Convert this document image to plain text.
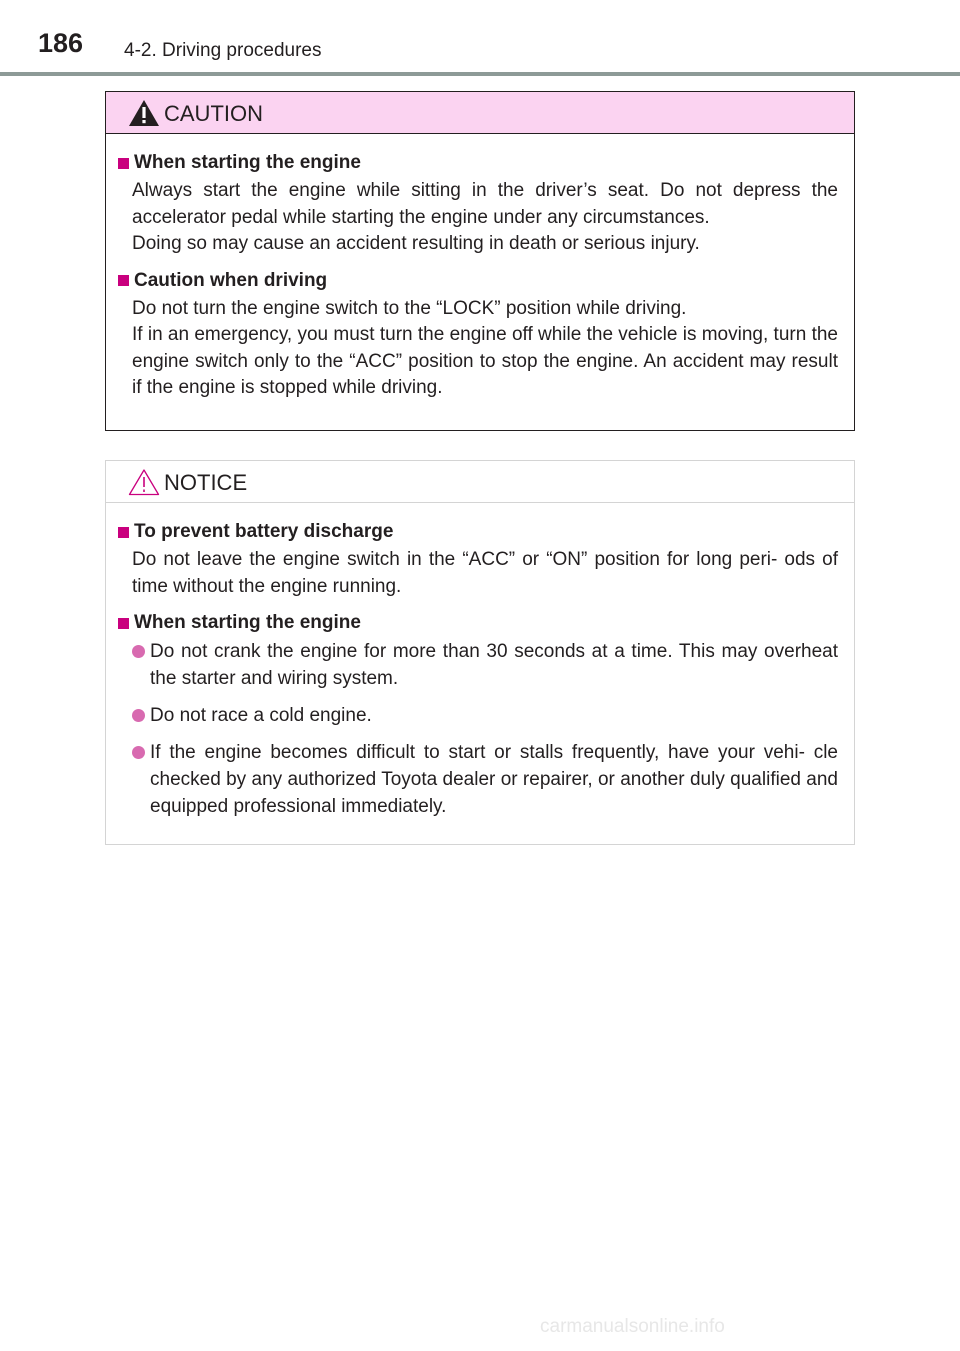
186 4-2. Driving procedures
CAUTION
When starting the engine

Always start the engine while sitting in the driver’s seat. Do not depress the accelerator pedal while starting the engine under any circumstances.

Doing so may cause an accident resulting in death or serious injury.

Caution when driving

Do not turn the engine switch to the “LOCK” position while driving.

If in an emergency, you must turn the engine off while the vehicle is moving, turn the engine switch only to the “ACC” position to stop the engine. An accident may result if the engine is stopped while driving.

NOTICE
To prevent battery discharge

Do not leave the engine switch in the “ACC” or “ON” position for long peri- ods of time without the engine running.

When starting the engine
Do not crank the engine for more than 30 seconds at a time. This may overheat the starter and wiring system.
Do not race a cold engine.
If the engine becomes difficult to start or stalls frequently, have your vehi- cle checked by any authorized Toyota dealer or repairer, or another duly qualified and equipped professional immediately.
carmanualsonline.info
